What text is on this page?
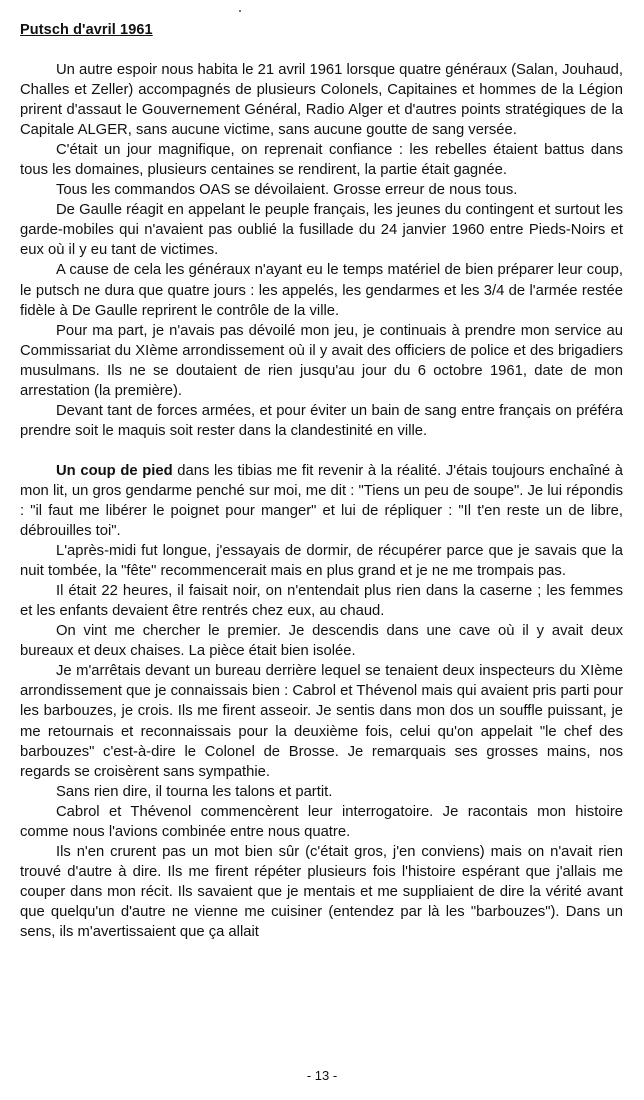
Putsch d'avril 1961

Un autre espoir nous habita le 21 avril 1961 lorsque quatre généraux (Salan, Jouhaud, Challes et Zeller) accompagnés de plusieurs Colonels, Capitaines et hommes de la Légion prirent d'assaut le Gouvernement Général, Radio Alger et d'autres points stratégiques de la Capitale ALGER, sans aucune victime, sans aucune goutte de sang versée.

C'était un jour magnifique, on reprenait confiance : les rebelles étaient battus dans tous les domaines, plusieurs centaines se rendirent, la partie était gagnée.

Tous les commandos OAS se dévoilaient. Grosse erreur de nous tous.

De Gaulle réagit en appelant le peuple français, les jeunes du contingent et surtout les garde-mobiles qui n'avaient pas oublié la fusillade du 24 janvier 1960 entre Pieds-Noirs et eux où il y eu tant de victimes.

A cause de cela les généraux n'ayant eu le temps matériel de bien préparer leur coup, le putsch ne dura que quatre jours : les appelés, les gendarmes et les 3/4 de l'armée restée fidèle à De Gaulle reprirent le contrôle de la ville.

Pour ma part, je n'avais pas dévoilé mon jeu, je continuais à prendre mon service au Commissariat du XIème arrondissement où il y avait des officiers de police et des brigadiers musulmans. Ils ne se doutaient de rien jusqu'au jour du 6 octobre 1961, date de mon arrestation (la première).

Devant tant de forces armées, et pour éviter un bain de sang entre français on préféra prendre soit le maquis soit rester dans la clandestinité en ville.

Un coup de pied dans les tibias me fit revenir à la réalité. J'étais toujours enchaîné à mon lit, un gros gendarme penché sur moi, me dit : "Tiens un peu de soupe". Je lui répondis : "il faut me libérer le poignet pour manger" et lui de répliquer : "Il t'en reste un de libre, débrouilles toi".

L'après-midi fut longue, j'essayais de dormir, de récupérer parce que je savais que la nuit tombée, la "fête" recommencerait mais en plus grand et je ne me trompais pas.

Il était 22 heures, il faisait noir, on n'entendait plus rien dans la caserne ; les femmes et les enfants devaient être rentrés chez eux, au chaud.

On vint me chercher le premier. Je descendis dans une cave où il y avait deux bureaux et deux chaises. La pièce était bien isolée.

Je m'arrêtais devant un bureau derrière lequel se tenaient deux inspecteurs du XIème arrondissement que je connaissais bien : Cabrol et Thévenol mais qui avaient pris parti pour les barbouzes, je crois. Ils me firent asseoir. Je sentis dans mon dos un souffle puissant, je me retournais et reconnaissais pour la deuxième fois, celui qu'on appelait "le chef des barbouzes" c'est-à-dire le Colonel de Brosse. Je remarquais ses grosses mains, nos regards se croisèrent sans sympathie.

Sans rien dire, il tourna les talons et partit.

Cabrol et Thévenol commencèrent leur interrogatoire. Je racontais mon histoire comme nous l'avions combinée entre nous quatre.

Ils n'en crurent pas un mot bien sûr (c'était gros, j'en conviens) mais on n'avait rien trouvé d'autre à dire. Ils me firent répéter plusieurs fois l'histoire espérant que j'allais me couper dans mon récit. Ils savaient que je mentais et me suppliaient de dire la vérité avant que quelqu'un d'autre ne vienne me cuisiner (entendez par là les "barbouzes"). Dans un sens, ils m'avertissaient que ça allait

- 13 -
